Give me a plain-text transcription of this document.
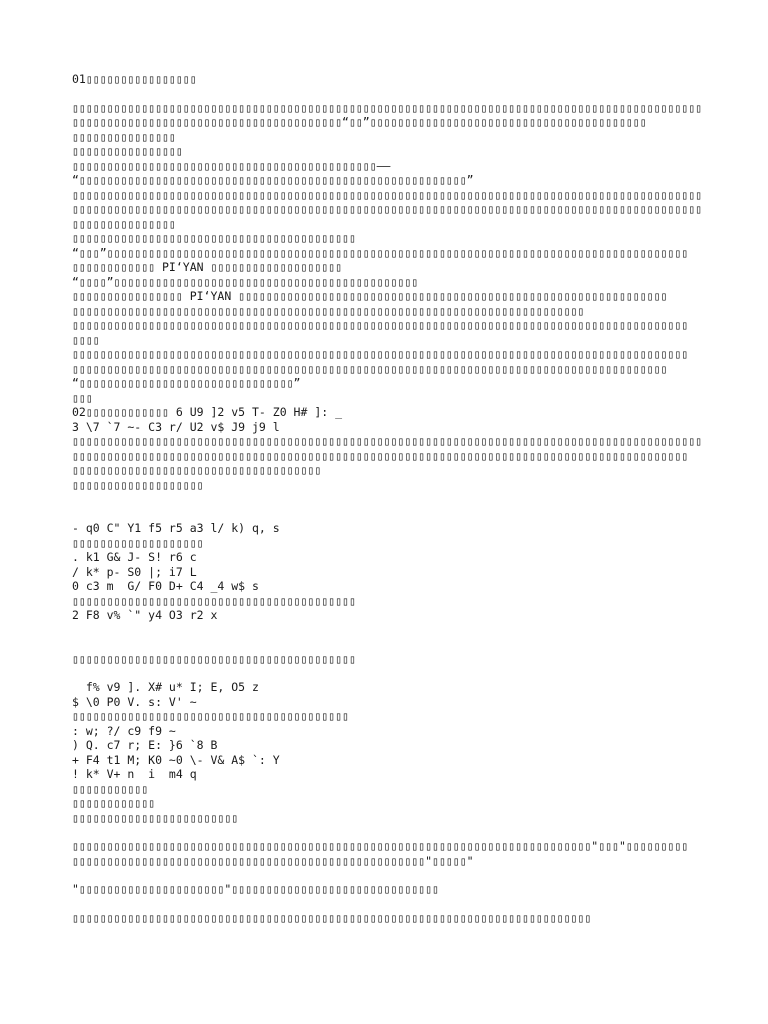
01▯▯▯▯▯▯▯▯▯▯▯▯▯▯▯▯
▯▯▯▯▯▯▯▯▯▯▯▯▯▯▯▯▯▯▯▯▯▯▯▯▯▯▯▯▯▯▯▯▯▯▯▯▯▯▯▯▯▯▯▯▯▯▯▯▯▯▯▯▯▯▯▯▯▯▯▯▯▯▯▯▯▯▯▯▯▯▯▯▯▯▯▯▯▯▯▯▯▯▯▯▯▯▯▯▯▯▯
▯▯▯▯▯▯▯▯▯▯▯▯▯▯▯▯▯▯▯▯▯▯▯▯▯▯▯▯▯▯▯▯▯▯▯▯▯▯▯“▯▯”▯▯▯▯▯▯▯▯▯▯▯▯▯▯▯▯▯▯▯▯▯▯▯▯▯▯▯▯▯▯▯▯▯▯▯▯▯▯▯▯
▯▯▯▯▯▯▯▯▯▯▯▯▯▯▯
▯▯▯▯▯▯▯▯▯▯▯▯▯▯▯▯
▯▯▯▯▯▯▯▯▯▯▯▯▯▯▯▯▯▯▯▯▯▯▯▯▯▯▯▯▯▯▯▯▯▯▯▯▯▯▯▯▯▯▯▯——
“▯▯▯▯▯▯▯▯▯▯▯▯▯▯▯▯▯▯▯▯▯▯▯▯▯▯▯▯▯▯▯▯▯▯▯▯▯▯▯▯▯▯▯▯▯▯▯▯▯▯▯▯▯▯▯▯”
▯▯▯▯▯▯▯▯▯▯▯▯▯▯▯▯▯▯▯▯▯▯▯▯▯▯▯▯▯▯▯▯▯▯▯▯▯▯▯▯▯▯▯▯▯▯▯▯▯▯▯▯▯▯▯▯▯▯▯▯▯▯▯▯▯▯▯▯▯▯▯▯▯▯▯▯▯▯▯▯▯▯▯▯▯▯▯▯▯▯▯
▯▯▯▯▯▯▯▯▯▯▯▯▯▯▯▯▯▯▯▯▯▯▯▯▯▯▯▯▯▯▯▯▯▯▯▯▯▯▯▯▯▯▯▯▯▯▯▯▯▯▯▯▯▯▯▯▯▯▯▯▯▯▯▯▯▯▯▯▯▯▯▯▯▯▯▯▯▯▯▯▯▯▯▯▯▯▯▯▯▯▯
▯▯▯▯▯▯▯▯▯▯▯▯▯▯▯
▯▯▯▯▯▯▯▯▯▯▯▯▯▯▯▯▯▯▯▯▯▯▯▯▯▯▯▯▯▯▯▯▯▯▯▯▯▯▯▯▯
“▯▯▯”▯▯▯▯▯▯▯▯▯▯▯▯▯▯▯▯▯▯▯▯▯▯▯▯▯▯▯▯▯▯▯▯▯▯▯▯▯▯▯▯▯▯▯▯▯▯▯▯▯▯▯▯▯▯▯▯▯▯▯▯▯▯▯▯▯▯▯▯▯▯▯▯▯▯▯▯▯▯▯▯▯▯▯▯
▯▯▯▯▯▯▯▯▯▯▯▯ PI‘YAN ▯▯▯▯▯▯▯▯▯▯▯▯▯▯▯▯▯▯▯
“▯▯▯▯”▯▯▯▯▯▯▯▯▯▯▯▯▯▯▯▯▯▯▯▯▯▯▯▯▯▯▯▯▯▯▯▯▯▯▯▯▯▯▯▯▯▯▯▯
▯▯▯▯▯▯▯▯▯▯▯▯▯▯▯▯ PI‘YAN ▯▯▯▯▯▯▯▯▯▯▯▯▯▯▯▯▯▯▯▯▯▯▯▯▯▯▯▯▯▯▯▯▯▯▯▯▯▯▯▯▯▯▯▯▯▯▯▯▯▯▯▯▯▯▯▯▯▯▯▯▯▯
▯▯▯▯▯▯▯▯▯▯▯▯▯▯▯▯▯▯▯▯▯▯▯▯▯▯▯▯▯▯▯▯▯▯▯▯▯▯▯▯▯▯▯▯▯▯▯▯▯▯▯▯▯▯▯▯▯▯▯▯▯▯▯▯▯▯▯▯▯▯▯▯▯▯
▯▯▯▯▯▯▯▯▯▯▯▯▯▯▯▯▯▯▯▯▯▯▯▯▯▯▯▯▯▯▯▯▯▯▯▯▯▯▯▯▯▯▯▯▯▯▯▯▯▯▯▯▯▯▯▯▯▯▯▯▯▯▯▯▯▯▯▯▯▯▯▯▯▯▯▯▯▯▯▯▯▯▯▯▯▯▯▯▯
▯▯▯▯
▯▯▯▯▯▯▯▯▯▯▯▯▯▯▯▯▯▯▯▯▯▯▯▯▯▯▯▯▯▯▯▯▯▯▯▯▯▯▯▯▯▯▯▯▯▯▯▯▯▯▯▯▯▯▯▯▯▯▯▯▯▯▯▯▯▯▯▯▯▯▯▯▯▯▯▯▯▯▯▯▯▯▯▯▯▯▯▯▯
▯▯▯▯▯▯▯▯▯▯▯▯▯▯▯▯▯▯▯▯▯▯▯▯▯▯▯▯▯▯▯▯▯▯▯▯▯▯▯▯▯▯▯▯▯▯▯▯▯▯▯▯▯▯▯▯▯▯▯▯▯▯▯▯▯▯▯▯▯▯▯▯▯▯▯▯▯▯▯▯▯▯▯▯▯▯
“▯▯▯▯▯▯▯▯▯▯▯▯▯▯▯▯▯▯▯▯▯▯▯▯▯▯▯▯▯▯▯”
▯▯▯
02▯▯▯▯▯▯▯▯▯▯▯▯ 6 U9 ]2 v5 T- Z0 H# ]: _
3 \7 `7 ~- C3 r/ U2 v$ J9 j9 l
▯▯▯▯▯▯▯▯▯▯▯▯▯▯▯▯▯▯▯▯▯▯▯▯▯▯▯▯▯▯▯▯▯▯▯▯▯▯▯▯▯▯▯▯▯▯▯▯▯▯▯▯▯▯▯▯▯▯▯▯▯▯▯▯▯▯▯▯▯▯▯▯▯▯▯▯▯▯▯▯▯▯▯▯▯▯▯▯▯▯▯
▯▯▯▯▯▯▯▯▯▯▯▯▯▯▯▯▯▯▯▯▯▯▯▯▯▯▯▯▯▯▯▯▯▯▯▯▯▯▯▯▯▯▯▯▯▯▯▯▯▯▯▯▯▯▯▯▯▯▯▯▯▯▯▯▯▯▯▯▯▯▯▯▯▯▯▯▯▯▯▯▯▯▯▯▯▯▯▯▯
▯▯▯▯▯▯▯▯▯▯▯▯▯▯▯▯▯▯▯▯▯▯▯▯▯▯▯▯▯▯▯▯▯▯▯▯
▯▯▯▯▯▯▯▯▯▯▯▯▯▯▯▯▯▯▯
- q0 C" Y1 f5 r5 a3 l/ k) q, s
▯▯▯▯▯▯▯▯▯▯▯▯▯▯▯▯▯▯▯
. k1 G& J- S! r6 c
/ k* p- S0 |; i7 L
0 c3 m  G/ F0 D+ C4 _4 w$ s
▯▯▯▯▯▯▯▯▯▯▯▯▯▯▯▯▯▯▯▯▯▯▯▯▯▯▯▯▯▯▯▯▯▯▯▯▯▯▯▯▯
2 F8 v% `" y4 O3 r2 x
▯▯▯▯▯▯▯▯▯▯▯▯▯▯▯▯▯▯▯▯▯▯▯▯▯▯▯▯▯▯▯▯▯▯▯▯▯▯▯▯▯
f% v9 ]. X# u* I; E, O5 z
$ \0 P0 V. s: V' ~
▯▯▯▯▯▯▯▯▯▯▯▯▯▯▯▯▯▯▯▯▯▯▯▯▯▯▯▯▯▯▯▯▯▯▯▯▯▯▯▯
: w; ?/ c9 f9 ~
) Q. c7 r; E: }6 `8 B
+ F4 t1 M; K0 ~0 \- V& A$ `: Y
! k* V+ n  i  m4 q
▯▯▯▯▯▯▯▯▯▯▯
▯▯▯▯▯▯▯▯▯▯▯▯
▯▯▯▯▯▯▯▯▯▯▯▯▯▯▯▯▯▯▯▯▯▯▯▯
▯▯▯▯▯▯▯▯▯▯▯▯▯▯▯▯▯▯▯▯▯▯▯▯▯▯▯▯▯▯▯▯▯▯▯▯▯▯▯▯▯▯▯▯▯▯▯▯▯▯▯▯▯▯▯▯▯▯▯▯▯▯▯▯▯▯▯▯▯▯▯▯▯▯▯"▯▯▯"▯▯▯▯▯▯▯▯▯
▯▯▯▯▯▯▯▯▯▯▯▯▯▯▯▯▯▯▯▯▯▯▯▯▯▯▯▯▯▯▯▯▯▯▯▯▯▯▯▯▯▯▯▯▯▯▯▯▯▯▯"▯▯▯▯▯"
"▯▯▯▯▯▯▯▯▯▯▯▯▯▯▯▯▯▯▯▯▯"▯▯▯▯▯▯▯▯▯▯▯▯▯▯▯▯▯▯▯▯▯▯▯▯▯▯▯▯▯▯
▯▯▯▯▯▯▯▯▯▯▯▯▯▯▯▯▯▯▯▯▯▯▯▯▯▯▯▯▯▯▯▯▯▯▯▯▯▯▯▯▯▯▯▯▯▯▯▯▯▯▯▯▯▯▯▯▯▯▯▯▯▯▯▯▯▯▯▯▯▯▯▯▯▯▯
